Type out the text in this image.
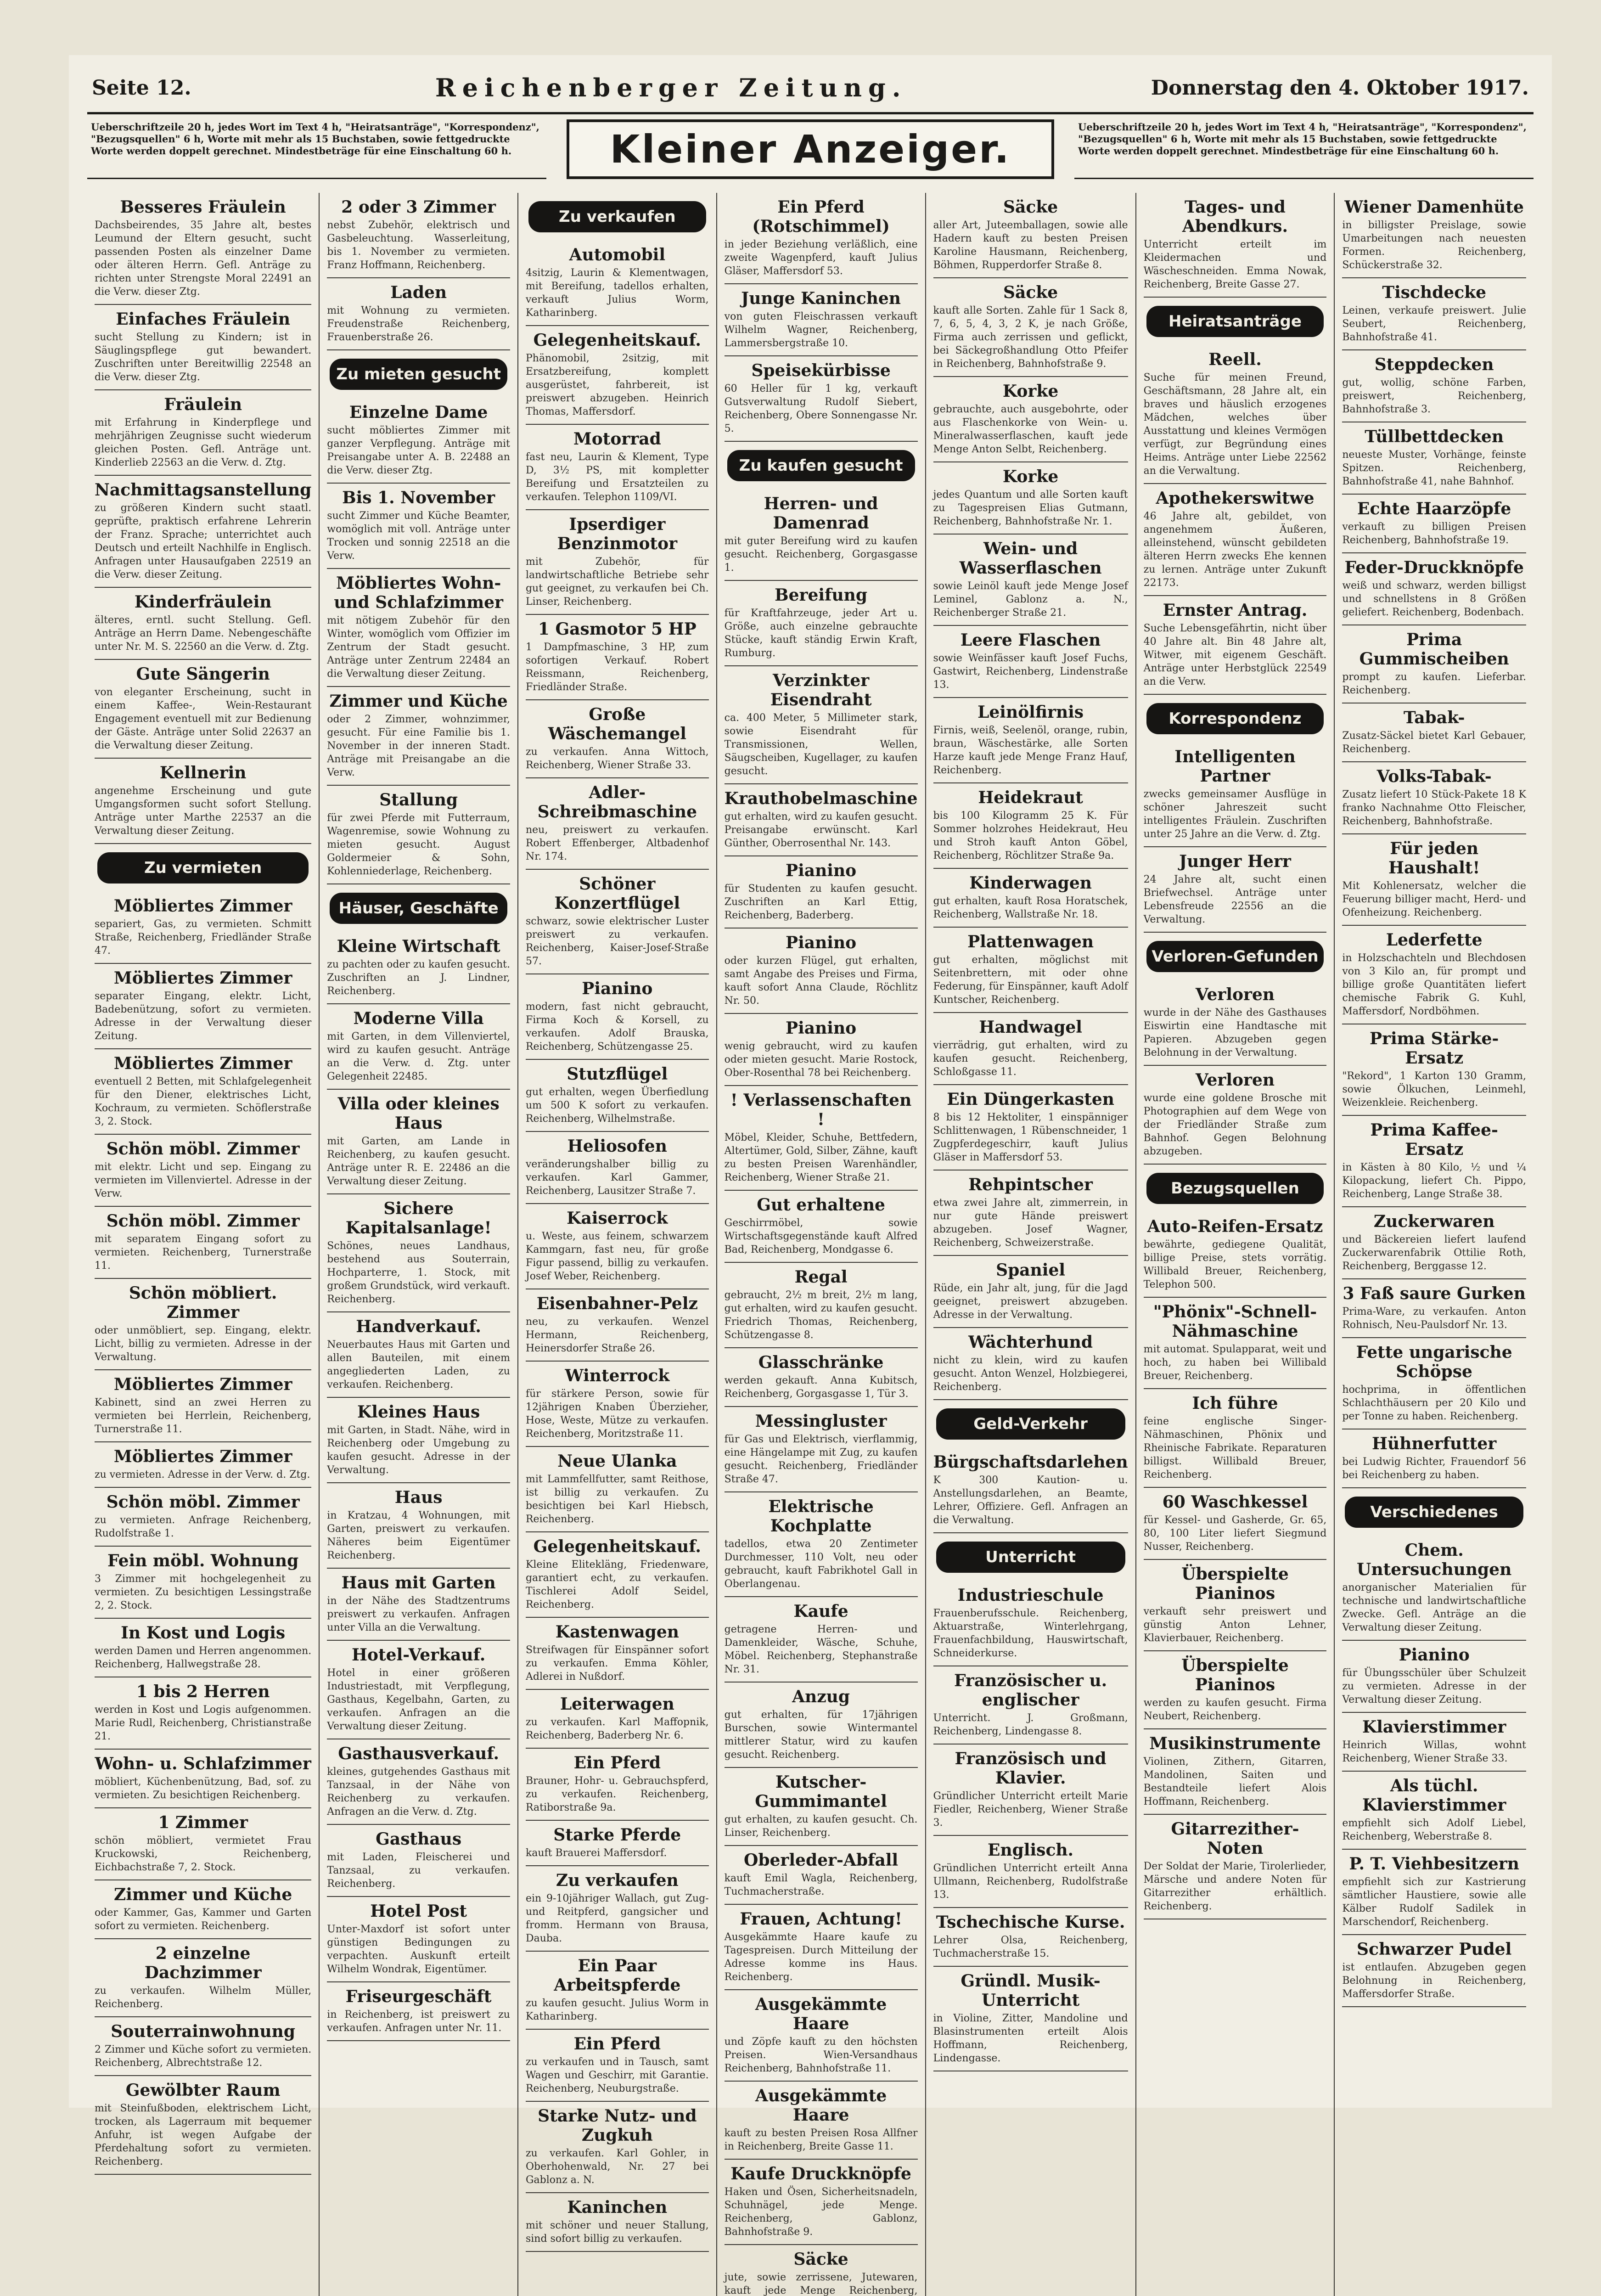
Seite 12.	Reichenberger Zeitung.	Donnerstag den 4. Oktober 1917.
Ueberschriftzeile 20 h, jedes Wort im Text 4 h, "Heiratsanträge", "Korrespondenz", "Bezugsquellen" 6 h, Worte mit mehr als 15 Buchstaben, sowie fettgedruckte Worte werden doppelt gerechnet. Mindestbeträge für eine Einschaltung 60 h.	Kleiner Anzeiger.	Ueberschriftzeile 20 h, jedes Wort im Text 4 h, "Heiratsanträge", "Korrespondenz", "Bezugsquellen" 6 h, Worte mit mehr als 15 Buchstaben, sowie fettgedruckte Worte werden doppelt gerechnet. Mindestbeträge für eine Einschaltung 60 h.
Besseres Fräulein
Dachsbeirendes, 35 Jahre alt, bestes Leumund der Eltern gesucht, sucht passenden Posten als einzelner Dame oder älteren Herrn. Gefl. Anträge zu richten unter Strengste Moral 22491 an die Verw. dieser Ztg.
Einfaches Fräulein
sucht Stellung zu Kindern; ist in Säuglingspflege gut bewandert. Zuschriften unter Bereitwillig 22548 an die Verw. dieser Ztg.
Fräulein
mit Erfahrung in Kinderpflege und mehrjährigen Zeugnisse sucht wiederum gleichen Posten. Gefl. Anträge unt. Kinderlieb 22563 an die Verw. d. Ztg.
Nachmittagsanstellung
zu größeren Kindern sucht staatl. geprüfte, praktisch erfahrene Lehrerin der Franz. Sprache; unterrichtet auch Deutsch und erteilt Nachhilfe in Englisch. Anfragen unter Hausaufgaben 22519 an die Verw. dieser Zeitung.
Kinderfräulein
älteres, erntl. sucht Stellung. Gefl. Anträge an Herrn Dame. Nebengeschäfte unter Nr. M. S. 22560 an die Verw. d. Ztg.
Gute Sängerin
von eleganter Erscheinung, sucht in einem Kaffee-, Wein-Restaurant Engagement eventuell mit zur Bedienung der Gäste. Anträge unter Solid 22637 an die Verwaltung dieser Zeitung.
Kellnerin
angenehme Erscheinung und gute Umgangsformen sucht sofort Stellung. Anträge unter Marthe 22537 an die Verwaltung dieser Zeitung.
Zu vermieten
Möbliertes Zimmer
separiert, Gas, zu vermieten. Schmitt Straße, Reichenberg, Friedländer Straße 47.
Möbliertes Zimmer
separater Eingang, elektr. Licht, Badebenützung, sofort zu vermieten. Adresse in der Verwaltung dieser Zeitung.
Möbliertes Zimmer
eventuell 2 Betten, mit Schlafgelegenheit für den Diener, elektrisches Licht, Kochraum, zu vermieten. Schöflerstraße 3, 2. Stock.
Schön möbl. Zimmer
mit elektr. Licht und sep. Eingang zu vermieten im Villenviertel. Adresse in der Verw.
Schön möbl. Zimmer
mit separatem Eingang sofort zu vermieten. Reichenberg, Turnerstraße 11.
Schön möbliert. Zimmer
oder unmöbliert, sep. Eingang, elektr. Licht, billig zu vermieten. Adresse in der Verwaltung.
Möbliertes Zimmer
Kabinett, sind an zwei Herren zu vermieten bei Herrlein, Reichenberg, Turnerstraße 11.
Möbliertes Zimmer
zu vermieten. Adresse in der Verw. d. Ztg.
Schön möbl. Zimmer
zu vermieten. Anfrage Reichenberg, Rudolfstraße 1.
Fein möbl. Wohnung
3 Zimmer mit hochgelegenheit zu vermieten. Zu besichtigen Lessingstraße 2, 2. Stock.
In Kost und Logis
werden Damen und Herren angenommen. Reichenberg, Hallwegstraße 28.
1 bis 2 Herren
werden in Kost und Logis aufgenommen. Marie Rudl, Reichenberg, Christianstraße 21.
Wohn- u. Schlafzimmer
möbliert, Küchenbenützung, Bad, sof. zu vermieten. Zu besichtigen Reichenberg.
1 Zimmer
schön möbliert, vermietet Frau Kruckowski, Reichenberg, Eichbachstraße 7, 2. Stock.
Zimmer und Küche
oder Kammer, Gas, Kammer und Garten sofort zu vermieten. Reichenberg.
2 einzelne Dachzimmer
zu verkaufen. Wilhelm Müller, Reichenberg.
Souterrainwohnung
2 Zimmer und Küche sofort zu vermieten. Reichenberg, Albrechtstraße 12.
Gewölbter Raum
mit Steinfußboden, elektrischem Licht, trocken, als Lagerraum mit bequemer Anfuhr, ist wegen Aufgabe der Pferdehaltung sofort zu vermieten. Reichenberg.
2 oder 3 Zimmer
nebst Zubehör, elektrisch und Gasbeleuchtung. Wasserleitung, bis 1. November zu vermieten. Franz Hoffmann, Reichenberg.
Laden
mit Wohnung zu vermieten. Freudenstraße Reichenberg, Frauenberstraße 26.
Zu mieten gesucht
Einzelne Dame
sucht möbliertes Zimmer mit ganzer Verpflegung. Anträge mit Preisangabe unter A. B. 22488 an die Verw. dieser Ztg.
Bis 1. November
sucht Zimmer und Küche Beamter, womöglich mit voll. Anträge unter Trocken und sonnig 22518 an die Verw.
Möbliertes Wohn- und Schlafzimmer
mit nötigem Zubehör für den Winter, womöglich vom Offizier im Zentrum der Stadt gesucht. Anträge unter Zentrum 22484 an die Verwaltung dieser Zeitung.
Zimmer und Küche
oder 2 Zimmer, wohnzimmer, gesucht. Für eine Familie bis 1. November in der inneren Stadt. Anträge mit Preisangabe an die Verw.
Stallung
für zwei Pferde mit Futterraum, Wagenremise, sowie Wohnung zu mieten gesucht. August Goldermeier & Sohn, Kohlenniederlage, Reichenberg.
Häuser, Geschäfte
Kleine Wirtschaft
zu pachten oder zu kaufen gesucht. Zuschriften an J. Lindner, Reichenberg.
Moderne Villa
mit Garten, in dem Villenviertel, wird zu kaufen gesucht. Anträge an die Verw. d. Ztg. unter Gelegenheit 22485.
Villa oder kleines Haus
mit Garten, am Lande in Reichenberg, zu kaufen gesucht. Anträge unter R. E. 22486 an die Verwaltung dieser Zeitung.
Sichere Kapitalsanlage!
Schönes, neues Landhaus, bestehend aus Souterrain, Hochparterre, 1. Stock, mit großem Grundstück, wird verkauft. Reichenberg.
Handverkauf.
Neuerbautes Haus mit Garten und allen Bauteilen, mit einem angegliederten Laden, zu verkaufen. Reichenberg.
Kleines Haus
mit Garten, in Stadt. Nähe, wird in Reichenberg oder Umgebung zu kaufen gesucht. Adresse in der Verwaltung.
Haus
in Kratzau, 4 Wohnungen, mit Garten, preiswert zu verkaufen. Näheres beim Eigentümer Reichenberg.
Haus mit Garten
in der Nähe des Stadtzentrums preiswert zu verkaufen. Anfragen unter Villa an die Verwaltung.
Hotel-Verkauf.
Hotel in einer größeren Industriestadt, mit Verpflegung, Gasthaus, Kegelbahn, Garten, zu verkaufen. Anfragen an die Verwaltung dieser Zeitung.
Gasthausverkauf.
kleines, gutgehendes Gasthaus mit Tanzsaal, in der Nähe von Reichenberg zu verkaufen. Anfragen an die Verw. d. Ztg.
Gasthaus
mit Laden, Fleischerei und Tanzsaal, zu verkaufen. Reichenberg.
Hotel Post
Unter-Maxdorf ist sofort unter günstigen Bedingungen zu verpachten. Auskunft erteilt Wilhelm Wondrak, Eigentümer.
Friseurgeschäft
in Reichenberg, ist preiswert zu verkaufen. Anfragen unter Nr. 11.
Zu verkaufen
Automobil
4sitzig, Laurin & Klementwagen, mit Bereifung, tadellos erhalten, verkauft Julius Worm, Katharinberg.
Gelegenheitskauf.
Phänomobil, 2sitzig, mit Ersatzbereifung, komplett ausgerüstet, fahrbereit, ist preiswert abzugeben. Heinrich Thomas, Maffersdorf.
Motorrad
fast neu, Laurin & Klement, Type D, 3½ PS, mit kompletter Bereifung und Ersatzteilen zu verkaufen. Telephon 1109/VI.
Ipserdiger Benzinmotor
mit Zubehör, für landwirtschaftliche Betriebe sehr gut geeignet, zu verkaufen bei Ch. Linser, Reichenberg.
1 Gasmotor 5 HP
1 Dampfmaschine, 3 HP, zum sofortigen Verkauf. Robert Reissmann, Reichenberg, Friedländer Straße.
Große Wäschemangel
zu verkaufen. Anna Wittoch, Reichenberg, Wiener Straße 33.
Adler-Schreibmaschine
neu, preiswert zu verkaufen. Robert Effenberger, Altbadenhof Nr. 174.
Schöner Konzertflügel
schwarz, sowie elektrischer Luster preiswert zu verkaufen. Reichenberg, Kaiser-Josef-Straße 57.
Pianino
modern, fast nicht gebraucht, Firma Koch & Korsell, zu verkaufen. Adolf Brauska, Reichenberg, Schützengasse 25.
Stutzflügel
gut erhalten, wegen Überfiedlung um 500 K sofort zu verkaufen. Reichenberg, Wilhelmstraße.
Heliosofen
veränderungshalber billig zu verkaufen. Karl Gammer, Reichenberg, Lausitzer Straße 7.
Kaiserrock
u. Weste, aus feinem, schwarzem Kammgarn, fast neu, für große Figur passend, billig zu verkaufen. Josef Weber, Reichenberg.
Eisenbahner-Pelz
neu, zu verkaufen. Wenzel Hermann, Reichenberg, Heinersdorfer Straße 26.
Winterrock
für stärkere Person, sowie für 12jährigen Knaben Überzieher, Hose, Weste, Mütze zu verkaufen. Reichenberg, Moritzstraße 11.
Neue Ulanka
mit Lammfellfutter, samt Reithose, ist billig zu verkaufen. Zu besichtigen bei Karl Hiebsch, Reichenberg.
Gelegenheitskauf.
Kleine Elitekläng, Friedenware, garantiert echt, zu verkaufen. Tischlerei Adolf Seidel, Reichenberg.
Kastenwagen
Streifwagen für Einspänner sofort zu verkaufen. Emma Köhler, Adlerei in Nußdorf.
Leiterwagen
zu verkaufen. Karl Maffopnik, Reichenberg, Baderberg Nr. 6.
Ein Pferd
Brauner, Hohr- u. Gebrauchspferd, zu verkaufen. Reichenberg, Ratiborstraße 9a.
Starke Pferde
kauft Brauerei Maffersdorf.
Zu verkaufen
ein 9-10jähriger Wallach, gut Zug- und Reitpferd, gangsicher und fromm. Hermann von Brausa, Dauba.
Ein Paar Arbeitspferde
zu kaufen gesucht. Julius Worm in Katharinberg.
Ein Pferd
zu verkaufen und in Tausch, samt Wagen und Geschirr, mit Garantie. Reichenberg, Neuburgstraße.
Starke Nutz- und Zugkuh
zu verkaufen. Karl Gohler, in Oberhohenwald, Nr. 27 bei Gablonz a. N.
Kaninchen
mit schöner und neuer Stallung, sind sofort billig zu verkaufen.
Ein Pferd (Rotschimmel)
in jeder Beziehung verläßlich, eine zweite Wagenpferd, kauft Julius Gläser, Maffersdorf 53.
Junge Kaninchen
von guten Fleischrassen verkauft Wilhelm Wagner, Reichenberg, Lammersbergstraße 10.
Speisekürbisse
60 Heller für 1 kg, verkauft Gutsverwaltung Rudolf Siebert, Reichenberg, Obere Sonnengasse Nr. 5.
Zu kaufen gesucht
Herren- und Damenrad
mit guter Bereifung wird zu kaufen gesucht. Reichenberg, Gorgasgasse 1.
Bereifung
für Kraftfahrzeuge, jeder Art u. Größe, auch einzelne gebrauchte Stücke, kauft ständig Erwin Kraft, Rumburg.
Verzinkter Eisendraht
ca. 400 Meter, 5 Millimeter stark, sowie Eisendraht für Transmissionen, Wellen, Säugscheiben, Kugellager, zu kaufen gesucht.
Krauthobelmaschine
gut erhalten, wird zu kaufen gesucht. Preisangabe erwünscht. Karl Günther, Oberrosenthal Nr. 143.
Pianino
für Studenten zu kaufen gesucht. Zuschriften an Karl Ettig, Reichenberg, Baderberg.
Pianino
oder kurzen Flügel, gut erhalten, samt Angabe des Preises und Firma, kauft sofort Anna Claude, Röchlitz Nr. 50.
Pianino
wenig gebraucht, wird zu kaufen oder mieten gesucht. Marie Rostock, Ober-Rosenthal 78 bei Reichenberg.
! Verlassenschaften !
Möbel, Kleider, Schuhe, Bettfedern, Altertümer, Gold, Silber, Zähne, kauft zu besten Preisen Warenhändler, Reichenberg, Wiener Straße 21.
Gut erhaltene
Geschirrmöbel, sowie Wirtschaftsgegenstände kauft Alfred Bad, Reichenberg, Mondgasse 6.
Regal
gebraucht, 2½ m breit, 2½ m lang, gut erhalten, wird zu kaufen gesucht. Friedrich Thomas, Reichenberg, Schützengasse 8.
Glasschränke
werden gekauft. Anna Kubitsch, Reichenberg, Gorgasgasse 1, Tür 3.
Messingluster
für Gas und Elektrisch, vierflammig, eine Hängelampe mit Zug, zu kaufen gesucht. Reichenberg, Friedländer Straße 47.
Elektrische Kochplatte
tadellos, etwa 20 Zentimeter Durchmesser, 110 Volt, neu oder gebraucht, kauft Fabrikhotel Gall in Oberlangenau.
Kaufe
getragene Herren- und Damenkleider, Wäsche, Schuhe, Möbel. Reichenberg, Stephanstraße Nr. 31.
Anzug
gut erhalten, für 17jährigen Burschen, sowie Wintermantel mittlerer Statur, wird zu kaufen gesucht. Reichenberg.
Kutscher-Gummimantel
gut erhalten, zu kaufen gesucht. Ch. Linser, Reichenberg.
Oberleder-Abfall
kauft Emil Wagla, Reichenberg, Tuchmacherstraße.
Frauen, Achtung!
Ausgekämmte Haare kaufe zu Tagespreisen. Durch Mitteilung der Adresse komme ins Haus. Reichenberg.
Ausgekämmte Haare
und Zöpfe kauft zu den höchsten Preisen. Wien-Versandhaus Reichenberg, Bahnhofstraße 11.
Ausgekämmte Haare
kauft zu besten Preisen Rosa Allfner in Reichenberg, Breite Gasse 11.
Kaufe Druckknöpfe
Haken und Ösen, Sicherheitsnadeln, Schuhnägel, jede Menge. Reichenberg, Gablonz, Bahnhofstraße 9.
Säcke
jute, sowie zerrissene, Jutewaren, kauft jede Menge Reichenberg,
Säcke
aller Art, Juteemballagen, sowie alle Hadern kauft zu besten Preisen Karoline Hausmann, Reichenberg, Böhmen, Rupperdorfer Straße 8.
Säcke
kauft alle Sorten. Zahle für 1 Sack 8, 7, 6, 5, 4, 3, 2 K, je nach Größe, Firma auch zerrissen und geflickt, bei Säckegroßhandlung Otto Pfeifer in Reichenberg, Bahnhofstraße 9.
Korke
gebrauchte, auch ausgebohrte, oder aus Flaschenkorke von Wein- u. Mineralwasserflaschen, kauft jede Menge Anton Selbt, Reichenberg.
Korke
jedes Quantum und alle Sorten kauft zu Tagespreisen Elias Gutmann, Reichenberg, Bahnhofstraße Nr. 1.
Wein- und Wasserflaschen
sowie Leinöl kauft jede Menge Josef Leminel, Gablonz a. N., Reichenberger Straße 21.
Leere Flaschen
sowie Weinfässer kauft Josef Fuchs, Gastwirt, Reichenberg, Lindenstraße 13.
Leinölfirnis
Firnis, weiß, Seelenöl, orange, rubin, braun, Wäschestärke, alle Sorten Harze kauft jede Menge Franz Hauf, Reichenberg.
Heidekraut
bis 100 Kilogramm 25 K. Für Sommer holzrohes Heidekraut, Heu und Stroh kauft Anton Göbel, Reichenberg, Röchlitzer Straße 9a.
Kinderwagen
gut erhalten, kauft Rosa Horatschek, Reichenberg, Wallstraße Nr. 18.
Plattenwagen
gut erhalten, möglichst mit Seitenbrettern, mit oder ohne Federung, für Einspänner, kauft Adolf Kuntscher, Reichenberg.
Handwagel
vierrädrig, gut erhalten, wird zu kaufen gesucht. Reichenberg, Schloßgasse 11.
Ein Düngerkasten
8 bis 12 Hektoliter, 1 einspänniger Schlittenwagen, 1 Rübenschneider, 1 Zugpferdegeschirr, kauft Julius Gläser in Maffersdorf 53.
Rehpintscher
etwa zwei Jahre alt, zimmerrein, in nur gute Hände preiswert abzugeben. Josef Wagner, Reichenberg, Schweizerstraße.
Spaniel
Rüde, ein Jahr alt, jung, für die Jagd geeignet, preiswert abzugeben. Adresse in der Verwaltung.
Wächterhund
nicht zu klein, wird zu kaufen gesucht. Anton Wenzel, Holzbiegerei, Reichenberg.
Geld-Verkehr
Bürgschaftsdarlehen
K 300 Kaution- u. Anstellungsdarlehen, an Beamte, Lehrer, Offiziere. Gefl. Anfragen an die Verwaltung.
Unterricht
Industrieschule
Frauenberufsschule. Reichenberg, Aktuarstraße, Winterlehrgang, Frauenfachbildung, Hauswirtschaft, Schneiderkurse.
Französischer u. englischer
Unterricht. J. Großmann, Reichenberg, Lindengasse 8.
Französisch und Klavier.
Gründlicher Unterricht erteilt Marie Fiedler, Reichenberg, Wiener Straße 3.
Englisch.
Gründlichen Unterricht erteilt Anna Ullmann, Reichenberg, Rudolfstraße 13.
Tschechische Kurse.
Lehrer Olsa, Reichenberg, Tuchmacherstraße 15.
Gründl. Musik-Unterricht
in Violine, Zitter, Mandoline und Blasinstrumenten erteilt Alois Hoffmann, Reichenberg, Lindengasse.
Tages- und Abendkurs.
Unterricht erteilt im Kleidermachen und Wäscheschneiden. Emma Nowak, Reichenberg, Breite Gasse 27.
Heiratsanträge
Reell.
Suche für meinen Freund, Geschäftsmann, 28 Jahre alt, ein braves und häuslich erzogenes Mädchen, welches über Ausstattung und kleines Vermögen verfügt, zur Begründung eines Heims. Anträge unter Liebe 22562 an die Verwaltung.
Apothekerswitwe
46 Jahre alt, gebildet, von angenehmem Äußeren, alleinstehend, wünscht gebildeten älteren Herrn zwecks Ehe kennen zu lernen. Anträge unter Zukunft 22173.
Ernster Antrag.
Suche Lebensgefährtin, nicht über 40 Jahre alt. Bin 48 Jahre alt, Witwer, mit eigenem Geschäft. Anträge unter Herbstglück 22549 an die Verw.
Korrespondenz
Intelligenten Partner
zwecks gemeinsamer Ausflüge in schöner Jahreszeit sucht intelligentes Fräulein. Zuschriften unter 25 Jahre an die Verw. d. Ztg.
Junger Herr
24 Jahre alt, sucht einen Briefwechsel. Anträge unter Lebensfreude 22556 an die Verwaltung.
Verloren-Gefunden
Verloren
wurde in der Nähe des Gasthauses Eiswirtin eine Handtasche mit Papieren. Abzugeben gegen Belohnung in der Verwaltung.
Verloren
wurde eine goldene Brosche mit Photographien auf dem Wege von der Friedländer Straße zum Bahnhof. Gegen Belohnung abzugeben.
Bezugsquellen
Auto-Reifen-Ersatz
bewährte, gediegene Qualität, billige Preise, stets vorrätig. Willibald Breuer, Reichenberg, Telephon 500.
"Phönix"-Schnell-Nähmaschine
mit automat. Spulapparat, weit und hoch, zu haben bei Willibald Breuer, Reichenberg.
Ich führe
feine englische Singer-Nähmaschinen, Phönix und Rheinische Fabrikate. Reparaturen billigst. Willibald Breuer, Reichenberg.
60 Waschkessel
für Kessel- und Gasherde, Gr. 65, 80, 100 Liter liefert Siegmund Nusser, Reichenberg.
Überspielte Pianinos
verkauft sehr preiswert und günstig Anton Lehner, Klavierbauer, Reichenberg.
Überspielte Pianinos
werden zu kaufen gesucht. Firma Neubert, Reichenberg.
Musikinstrumente
Violinen, Zithern, Gitarren, Mandolinen, Saiten und Bestandteile liefert Alois Hoffmann, Reichenberg.
Gitarrezither-Noten
Der Soldat der Marie, Tirolerlieder, Märsche und andere Noten für Gitarrezither erhältlich. Reichenberg.
Wiener Damenhüte
in billigster Preislage, sowie Umarbeitungen nach neuesten Formen. Reichenberg, Schückerstraße 32.
Tischdecke
Leinen, verkaufe preiswert. Julie Seubert, Reichenberg, Bahnhofstraße 41.
Steppdecken
gut, wollig, schöne Farben, preiswert, Reichenberg, Bahnhofstraße 3.
Tüllbettdecken
neueste Muster, Vorhänge, feinste Spitzen. Reichenberg, Bahnhofstraße 41, nahe Bahnhof.
Echte Haarzöpfe
verkauft zu billigen Preisen Reichenberg, Bahnhofstraße 19.
Feder-Druckknöpfe
weiß und schwarz, werden billigst und schnellstens in 8 Größen geliefert. Reichenberg, Bodenbach.
Prima Gummischeiben
prompt zu kaufen. Lieferbar. Reichenberg.
Tabak-
Zusatz-Säckel bietet Karl Gebauer, Reichenberg.
Volks-Tabak-
Zusatz liefert 10 Stück-Pakete 18 K franko Nachnahme Otto Fleischer, Reichenberg, Bahnhofstraße.
Für jeden Haushalt!
Mit Kohlenersatz, welcher die Feuerung billiger macht, Herd- und Ofenheizung. Reichenberg.
Lederfette
in Holzschachteln und Blechdosen von 3 Kilo an, für prompt und billige große Quantitäten liefert chemische Fabrik G. Kuhl, Maffersdorf, Nordböhmen.
Prima Stärke-Ersatz
"Rekord", 1 Karton 130 Gramm, sowie Ölkuchen, Leinmehl, Weizenkleie. Reichenberg.
Prima Kaffee-Ersatz
in Kästen à 80 Kilo, ½ und ¼ Kilopackung, liefert Ch. Pippo, Reichenberg, Lange Straße 38.
Zuckerwaren
und Bäckereien liefert laufend Zuckerwarenfabrik Ottilie Roth, Reichenberg, Berggasse 12.
3 Faß saure Gurken
Prima-Ware, zu verkaufen. Anton Rohnisch, Neu-Paulsdorf Nr. 13.
Fette ungarische Schöpse
hochprima, in öffentlichen Schlachthäusern per 20 Kilo und per Tonne zu haben. Reichenberg.
Hühnerfutter
bei Ludwig Richter, Frauendorf 56 bei Reichenberg zu haben.
Verschiedenes
Chem. Untersuchungen
anorganischer Materialien für technische und landwirtschaftliche Zwecke. Gefl. Anträge an die Verwaltung dieser Zeitung.
Pianino
für Übungsschüler über Schulzeit zu vermieten. Adresse in der Verwaltung dieser Zeitung.
Klavierstimmer
Heinrich Willas, wohnt Reichenberg, Wiener Straße 33.
Als tüchl. Klavierstimmer
empfiehlt sich Adolf Liebel, Reichenberg, Weberstraße 8.
P. T. Viehbesitzern
empfiehlt sich zur Kastrierung sämtlicher Haustiere, sowie alle Kälber Rudolf Sadilek in Marschendorf, Reichenberg.
Schwarzer Pudel
ist entlaufen. Abzugeben gegen Belohnung in Reichenberg, Maffersdorfer Straße.
